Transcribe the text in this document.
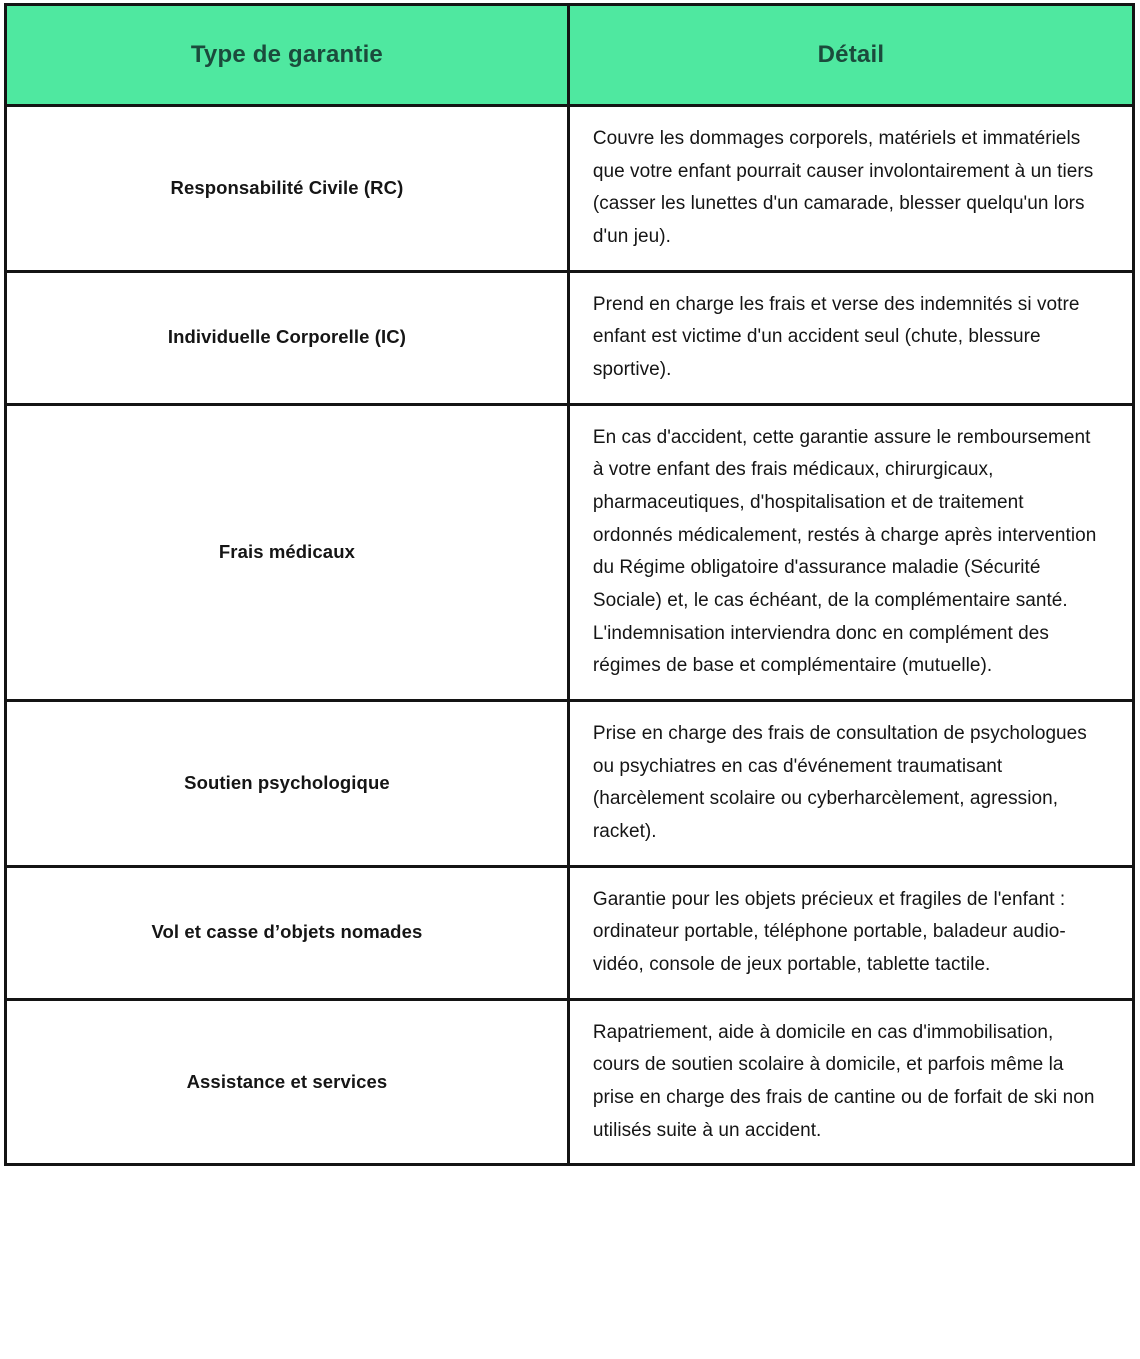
Type de garantie	Détail
Responsabilité Civile (RC)	Couvre les dommages corporels, matériels et immatériels que votre enfant pourrait causer involontairement à un tiers (casser les lunettes d'un camarade, blesser quelqu'un lors d'un jeu).

Individuelle Corporelle (IC)	Prend en charge les frais et verse des indemnités si votre enfant est victime d'un accident seul (chute, blessure sportive).

Frais médicaux	En cas d'accident, cette garantie assure le remboursement à votre enfant des frais médicaux, chirurgicaux, pharmaceutiques, d'hospitalisation et de traitement ordonnés médicalement, restés à charge après intervention du Régime obligatoire d'assurance maladie (Sécurité Sociale) et, le cas échéant, de la complémentaire santé. L'indemnisation interviendra donc en complément des régimes de base et complémentaire (mutuelle).

Soutien psychologique	Prise en charge des frais de consultation de psychologues ou psychiatres en cas d'événement traumatisant (harcèlement scolaire ou cyberharcèlement, agression, racket).

Vol et casse d’objets nomades	Garantie pour les objets précieux et fragiles de l'enfant : ordinateur portable, téléphone portable, baladeur audio-vidéo, console de jeux portable, tablette tactile.

Assistance et services	Rapatriement, aide à domicile en cas d'immobilisation, cours de soutien scolaire à domicile, et parfois même la prise en charge des frais de cantine ou de forfait de ski non utilisés suite à un accident.
